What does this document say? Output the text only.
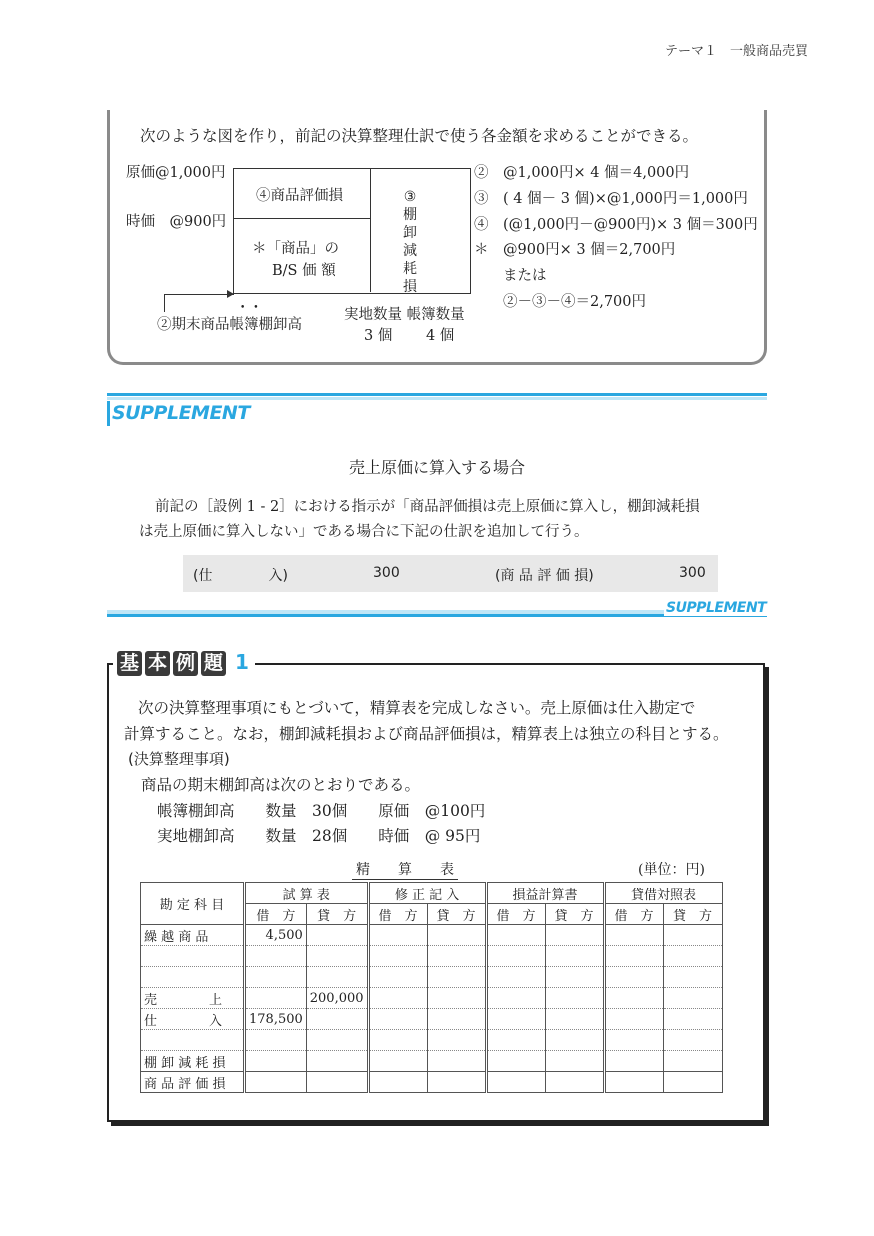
テーマ１　一般商品売買
次のような図を作り，前記の決算整理仕訳で使う各金額を求めることができる。
原価@1,000円
時価　@900円
④商品評価損	③
棚
卸
減
耗
損
＊「商品」の
B/S 価 額
••
②期末商品帳簿棚卸高
実地数量 帳簿数量
3 個　　 4 個
②　@1,000円× 4 個＝4,000円
③　( 4 個－ 3 個)×@1,000円＝1,000円
④　(@1,000円－@900円)× 3 個＝300円
＊　@900円× 3 個＝2,700円
　　または
　　②－③－④＝2,700円
SUPPLEMENT
売上原価に算入する場合
前記の［設例 1 - 2］における指示が「商品評価損は売上原価に算入し，棚卸減耗損
は売上原価に算入しない」である場合に下記の仕訳を追加して行う。
(仕　　　　入)	300	(商 品 評 価 損)	300
SUPPLEMENT
基 本 例 題 1
次の決算整理事項にもとづいて，精算表を完成しなさい。売上原価は仕入勘定で
計算すること。なお，棚卸減耗損および商品評価損は，精算表上は独立の科目とする。
(決算整理事項)
商品の期末棚卸高は次のとおりである。
帳簿棚卸高　　数量　30個　　原価　@100円
実地棚卸高　　数量　28個　　時価　@ 95円
精　　算　　表	(単位：円)
勘 定 科 目	試 算 表		修 正 記 入		損益計算書		貸借対照表	
	借　方	貸　方	借　方	貸　方	借　方	貸　方	借　方	貸　方
繰 越 商 品	4,500							

売　　　　上		200,000						
仕　　　　入	178,500							

棚 卸 減 耗 損								
商 品 評 価 損								
